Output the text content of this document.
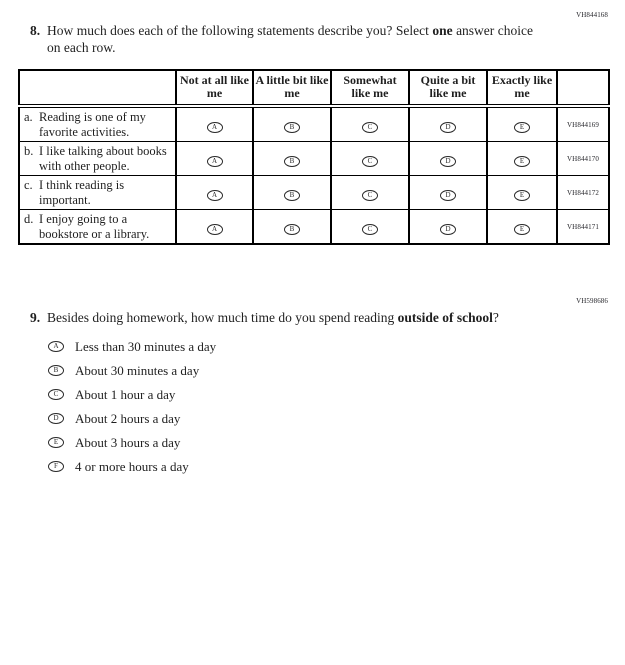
VH844168
8. How much does each of the following statements describe you? Select one answer choice on each row.

	Not at all like me	A little bit like me	Somewhat like me	Quite a bit like me	Exactly like me	

a. Reading is one of my favorite activities.	A	B	C	D	E	VH844169

b. I like talking about books with other people.	A	B	C	D	E	VH844170

c. I think reading is important.	A	B	C	D	E	VH844172

d. I enjoy going to a bookstore or a library.	A	B	C	D	E	VH844171
VH598686
9. Besides doing homework, how much time do you spend reading outside of school?

A	Less than 30 minutes a day
B	About 30 minutes a day
C	About 1 hour a day
D	About 2 hours a day
E	About 3 hours a day
F	4 or more hours a day
